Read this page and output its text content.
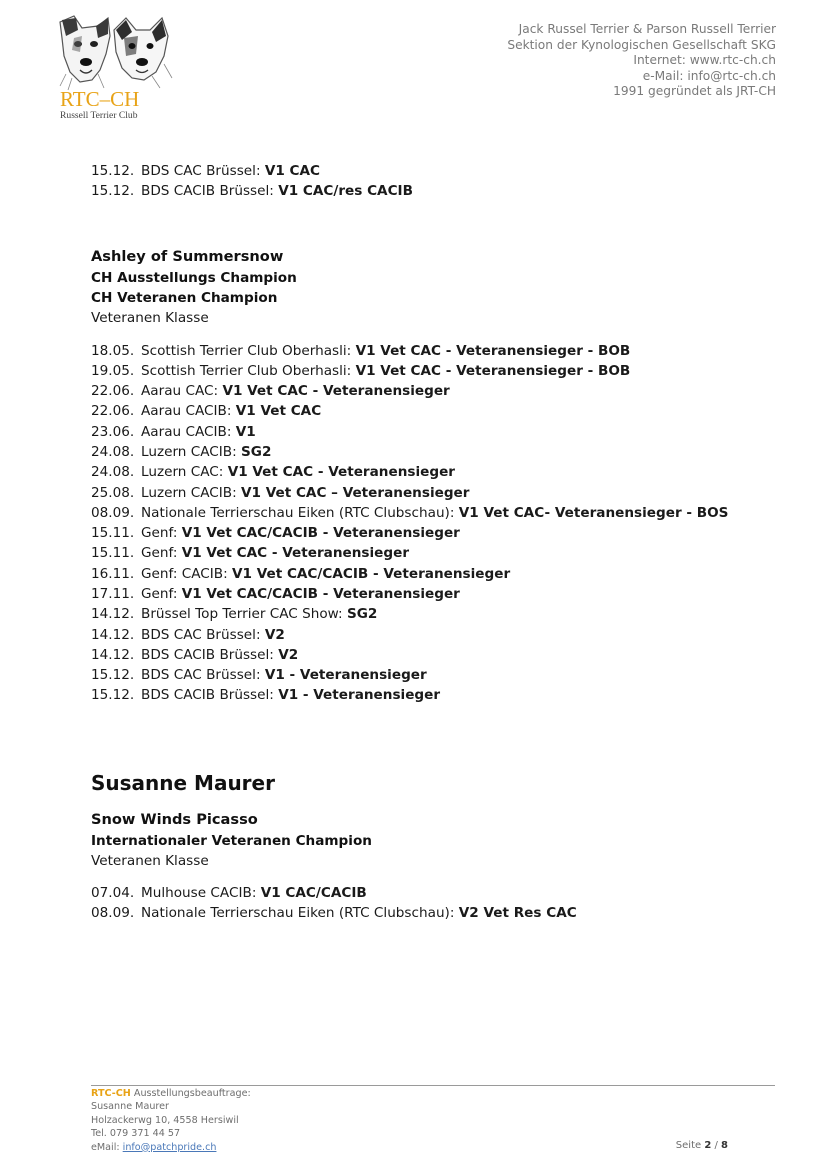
RTC–CH
Russell Terrier Club
Jack Russel Terrier & Parson Russell Terrier
Sektion der Kynologischen Gesellschaft SKG
Internet: www.rtc-ch.ch
e-Mail: info@rtc-ch.ch
1991 gegründet als JRT-CH
15.12. BDS CAC Brüssel: V1 CAC
15.12. BDS CACIB Brüssel: V1 CAC/res CACIB
Ashley of Summersnow
CH Ausstellungs Champion
CH Veteranen Champion
Veteranen Klasse
18.05. Scottish Terrier Club Oberhasli: V1 Vet CAC - Veteranensieger - BOB
19.05. Scottish Terrier Club Oberhasli: V1 Vet CAC - Veteranensieger - BOB
22.06. Aarau CAC: V1 Vet CAC - Veteranensieger
22.06. Aarau CACIB: V1 Vet CAC
23.06. Aarau CACIB: V1
24.08. Luzern CACIB: SG2
24.08. Luzern CAC: V1 Vet CAC - Veteranensieger
25.08. Luzern CACIB: V1 Vet CAC – Veteranensieger
08.09. Nationale Terrierschau Eiken (RTC Clubschau): V1 Vet CAC- Veteranensieger - BOS
15.11. Genf: V1 Vet CAC/CACIB - Veteranensieger
15.11. Genf: V1 Vet CAC - Veteranensieger
16.11. Genf: CACIB: V1 Vet CAC/CACIB - Veteranensieger
17.11. Genf: V1 Vet CAC/CACIB - Veteranensieger
14.12. Brüssel Top Terrier CAC Show: SG2
14.12. BDS CAC Brüssel: V2
14.12. BDS CACIB Brüssel: V2
15.12. BDS CAC Brüssel: V1 - Veteranensieger
15.12. BDS CACIB Brüssel: V1 - Veteranensieger
Susanne Maurer
Snow Winds Picasso
Internationaler Veteranen Champion
Veteranen Klasse
07.04. Mulhouse CACIB: V1 CAC/CACIB
08.09. Nationale Terrierschau Eiken (RTC Clubschau): V2 Vet Res CAC
RTC-CH Ausstellungsbeauftrage:
Susanne Maurer
Holzackerwg 10, 4558 Hersiwil
Tel. 079 371 44 57
eMail: info@patchpride.ch	Seite 2 / 8
